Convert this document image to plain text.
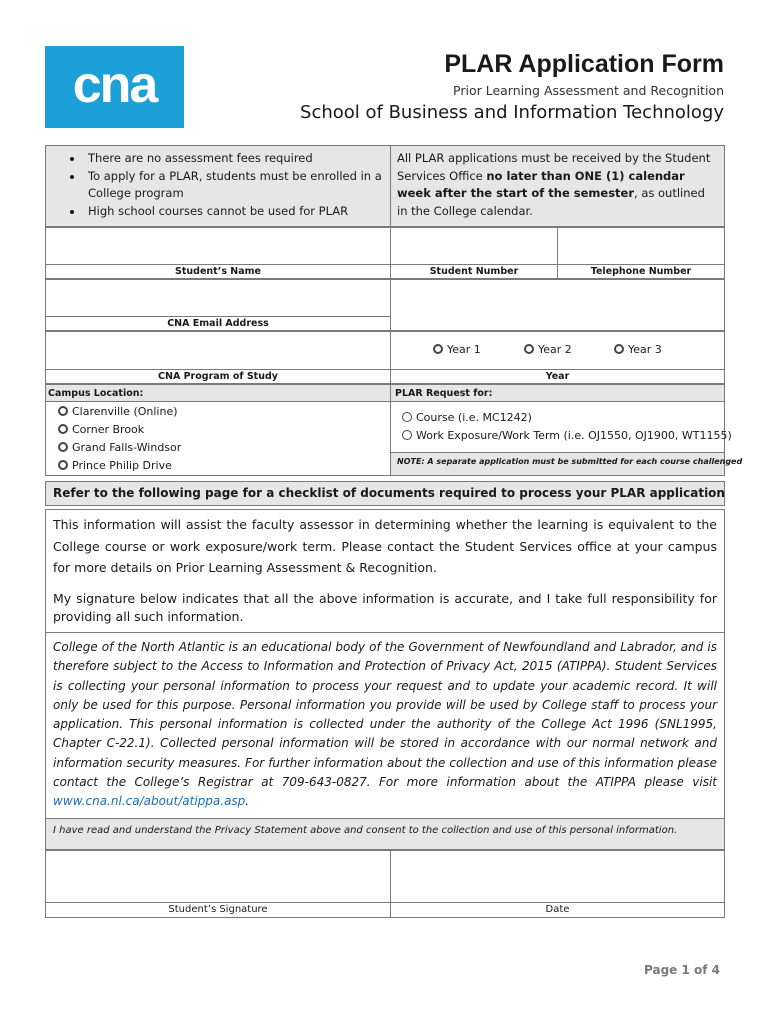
cna	PLAR Application Form
Prior Learning Assessment and Recognition
School of Business and Information Technology
• There are no assessment fees required
• To apply for a PLAR, students must be enrolled in a College program
• High school courses cannot be used for PLAR
All PLAR applications must be received by the Student Services Office no later than ONE (1) calendar week after the start of the semester, as outlined in the College calendar.
Student’s Name	Student Number	Telephone Number
CNA Email Address
Year 1	Year 2	Year 3
CNA Program of Study	Year
Campus Location:
Clarenville (Online)
Corner Brook
Grand Falls-Windsor
Prince Philip Drive
PLAR Request for:
Course (i.e. MC1242)
Work Exposure/Work Term (i.e. OJ1550, OJ1900, WT1155)
NOTE: A separate application must be submitted for each course challenged
Refer to the following page for a checklist of documents required to process your PLAR application
This information will assist the faculty assessor in determining whether the learning is equivalent to the College course or work exposure/work term. Please contact the Student Services office at your campus for more details on Prior Learning Assessment & Recognition.
My signature below indicates that all the above information is accurate, and I take full responsibility for providing all such information.
College of the North Atlantic is an educational body of the Government of Newfoundland and Labrador, and is therefore subject to the Access to Information and Protection of Privacy Act, 2015 (ATIPPA). Student Services is collecting your personal information to process your request and to update your academic record. It will only be used for this purpose. Personal information you provide will be used by College staff to process your application. This personal information is collected under the authority of the College Act 1996 (SNL1995, Chapter C-22.1). Collected personal information will be stored in accordance with our normal network and information security measures. For further information about the collection and use of this information please contact the College’s Registrar at 709-643-0827. For more information about the ATIPPA please visit www.cna.nl.ca/about/atippa.asp.
I have read and understand the Privacy Statement above and consent to the collection and use of this personal information.
Student’s Signature	Date
Page 1 of 4
